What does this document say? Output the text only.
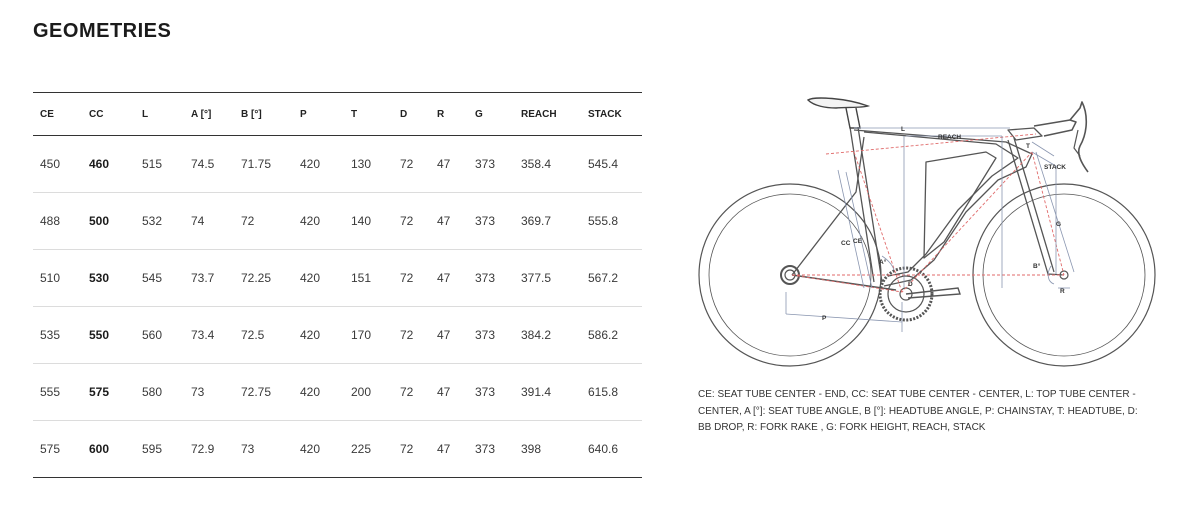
GEOMETRIES
CE	CC	L	A [°]	B [°]	P	T	D	R	G	REACH	STACK
450	460	515	74.5	71.75	420	130	72	47	373	358.4	545.4
488	500	532	74	72	420	140	72	47	373	369.7	555.8
510	530	545	73.7	72.25	420	151	72	47	373	377.5	567.2
535	550	560	73.4	72.5	420	170	72	47	373	384.2	586.2
555	575	580	73	72.75	420	200	72	47	373	391.4	615.8
575	600	595	72.9	73	420	225	72	47	373	398	640.6
L
REACH
T
STACK
G
B°
R
CC CE
A°
D
P

CE: SEAT TUBE CENTER - END, CC: SEAT TUBE CENTER - CENTER, L: TOP TUBE CENTER - CENTER, A [°]: SEAT TUBE ANGLE, B [°]: HEADTUBE ANGLE, P: CHAINSTAY, T: HEADTUBE, D: BB DROP, R: FORK RAKE , G: FORK HEIGHT, REACH, STACK
